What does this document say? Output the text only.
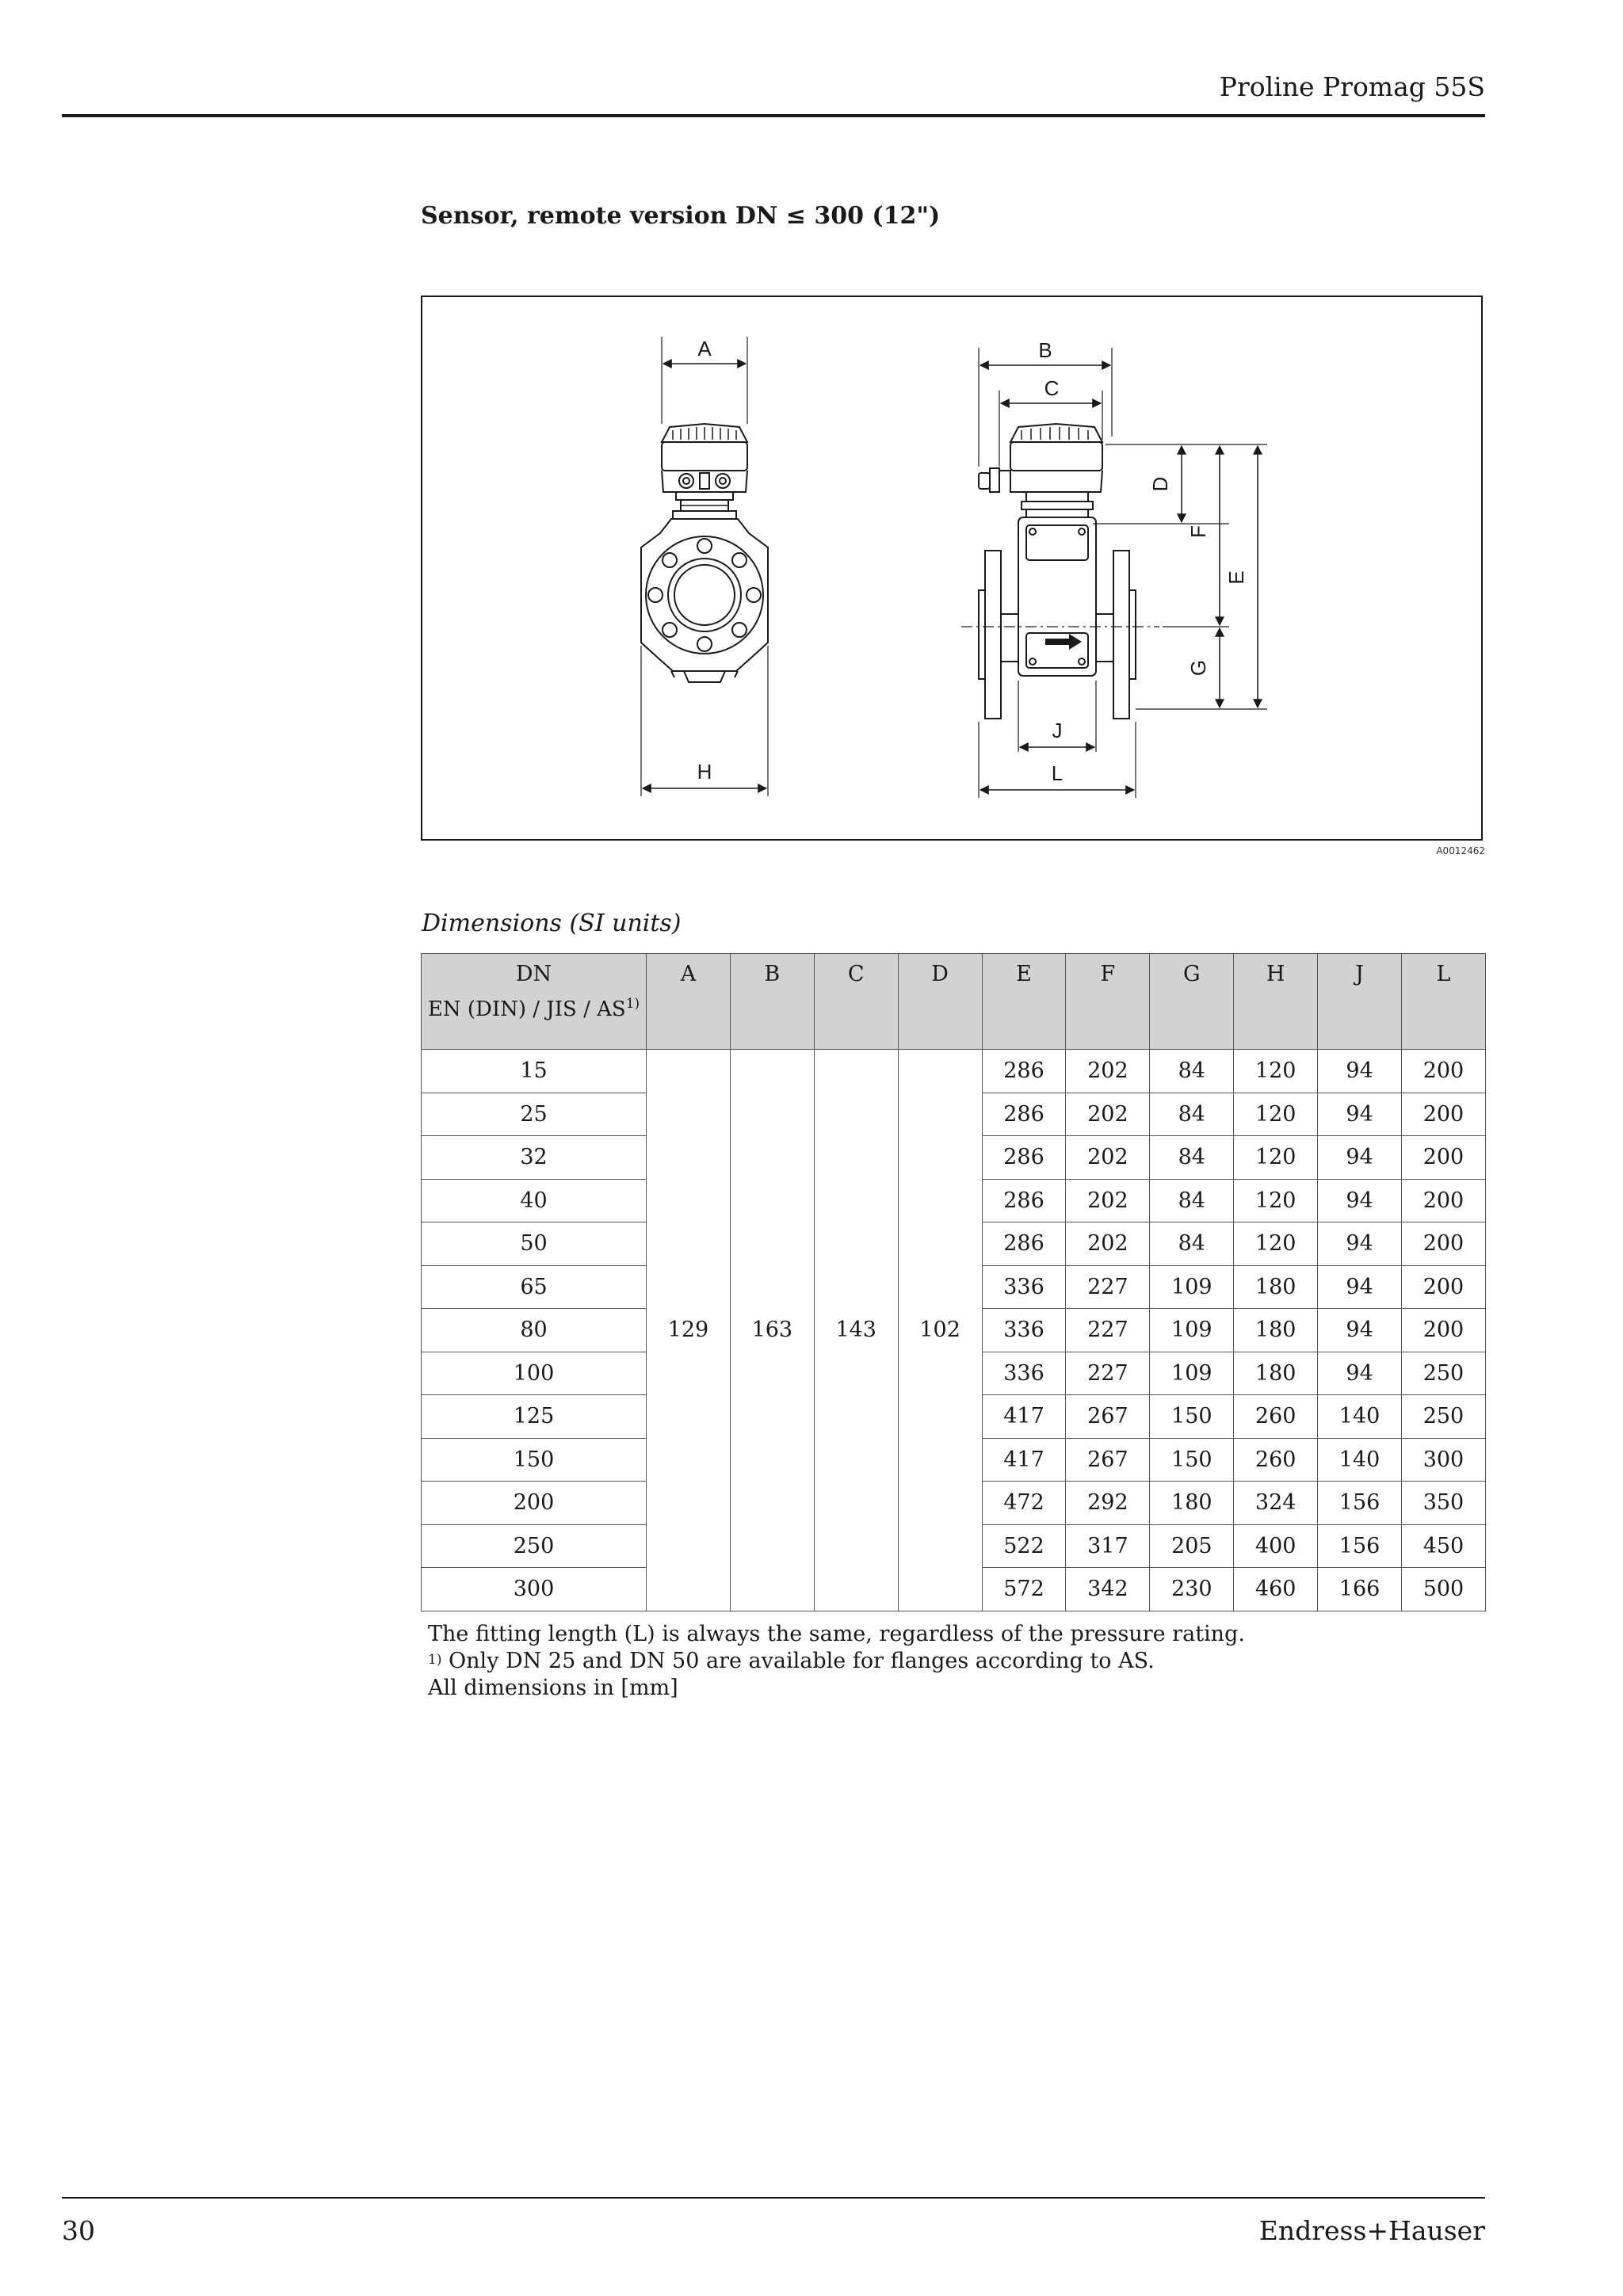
Proline Promag 55S
Sensor, remote version DN ≤ 300 (12")
A
H
B
C
D
F
G
E
J
L
A0012462
Dimensions (SI units)
DN
EN (DIN) / JIS / AS$^{1)}$	A	B	C	D	E	F	G	H	J	L
15	129	163	143	102	286	202	84	120	94	200
25					286	202	84	120	94	200
32					286	202	84	120	94	200
40					286	202	84	120	94	200
50					286	202	84	120	94	200
65					336	227	109	180	94	200
80					336	227	109	180	94	200
100					336	227	109	180	94	250
125					417	267	150	260	140	250
150					417	267	150	260	140	300
200					472	292	180	324	156	350
250					522	317	205	400	156	450
300					572	342	230	460	166	500
The fitting length (L) is always the same, regardless of the pressure rating.
$^{1)}$ Only DN 25 and DN 50 are available for flanges according to AS.
All dimensions in [mm]
30	Endress+Hauser
